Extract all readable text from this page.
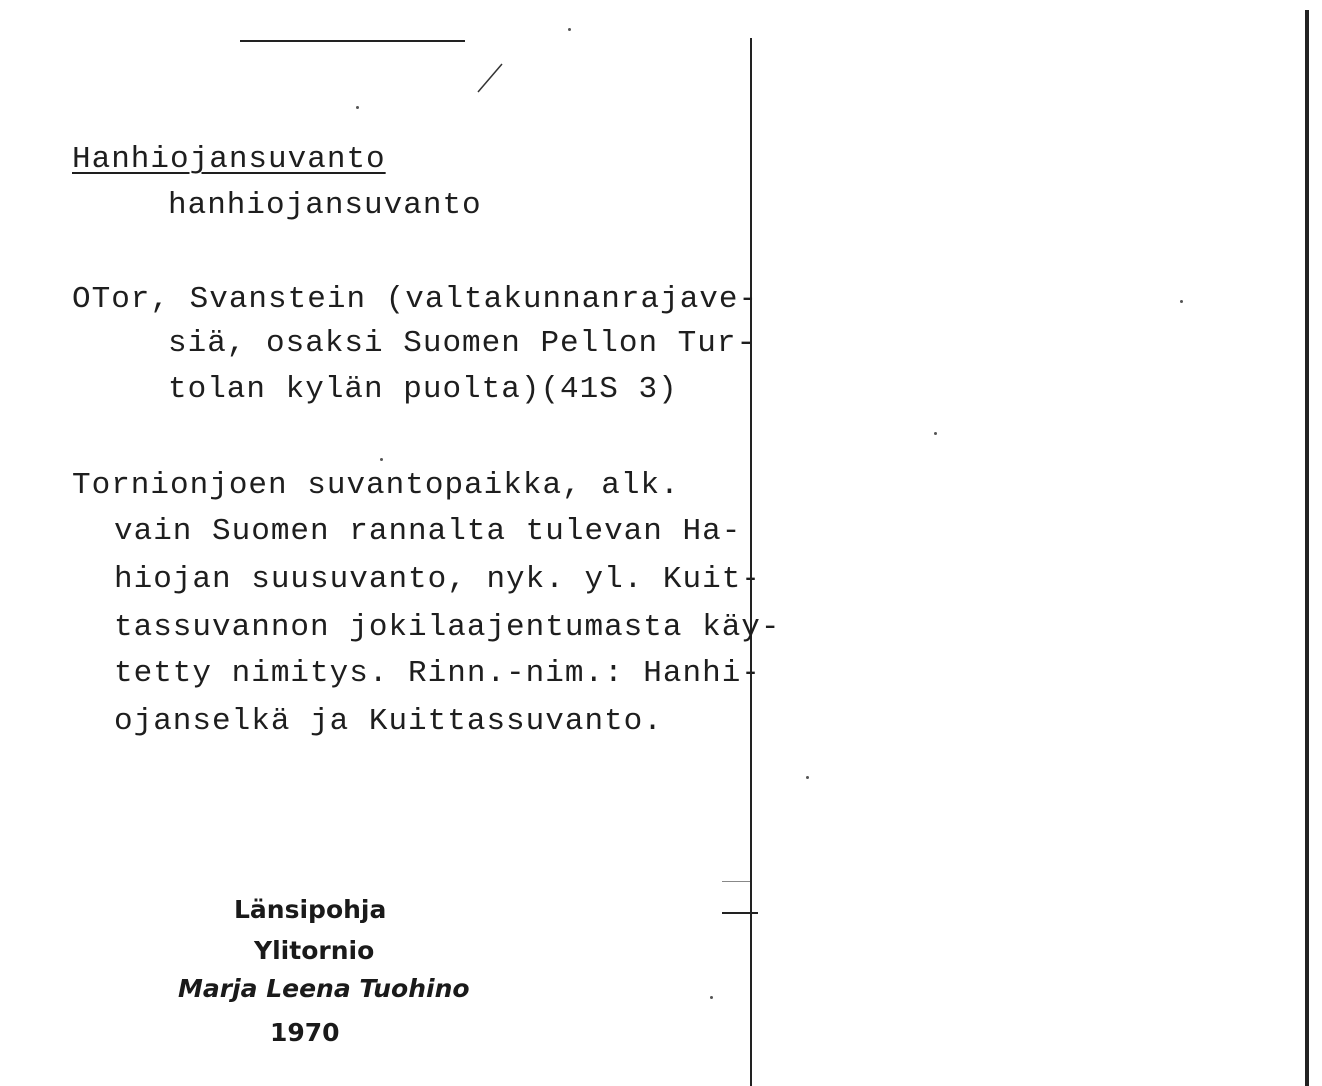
Hanhiojansuvanto
hanhiojansuvanto
OTor, Svanstein (valtakunnanrajave-
siä, osaksi Suomen Pellon Tur-
tolan kylän puolta)(41S 3)
Tornionjoen suvantopaikka, alk.
vain Suomen rannalta tulevan Ha-
hiojan suusuvanto, nyk. yl. Kuit-
tassuvannon jokilaajentumasta käy-
tetty nimitys. Rinn.-nim.: Hanhi-
ojanselkä ja Kuittassuvanto.
Länsipohja
Ylitornio
Marja Leena Tuohino
1970
